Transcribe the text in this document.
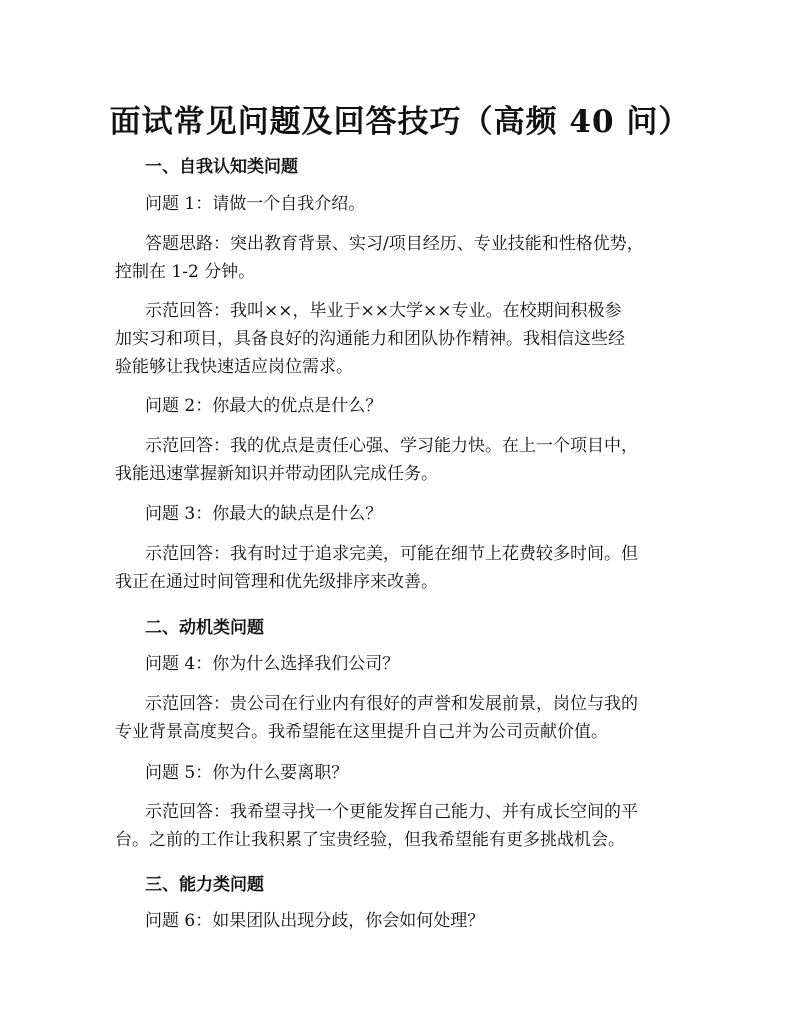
面试常见问题及回答技巧（高频 40 问）
一、自我认知类问题

问题 1：请做一个自我介绍。

答题思路：突出教育背景、实习/项目经历、专业技能和性格优势，
控制在 1-2 分钟。

示范回答：我叫××，毕业于××大学××专业。在校期间积极参
加实习和项目，具备良好的沟通能力和团队协作精神。我相信这些经
验能够让我快速适应岗位需求。

问题 2：你最大的优点是什么？

示范回答：我的优点是责任心强、学习能力快。在上一个项目中，
我能迅速掌握新知识并带动团队完成任务。

问题 3：你最大的缺点是什么？

示范回答：我有时过于追求完美，可能在细节上花费较多时间。但
我正在通过时间管理和优先级排序来改善。

二、动机类问题

问题 4：你为什么选择我们公司？

示范回答：贵公司在行业内有很好的声誉和发展前景，岗位与我的
专业背景高度契合。我希望能在这里提升自己并为公司贡献价值。

问题 5：你为什么要离职？

示范回答：我希望寻找一个更能发挥自己能力、并有成长空间的平
台。之前的工作让我积累了宝贵经验，但我希望能有更多挑战机会。

三、能力类问题

问题 6：如果团队出现分歧，你会如何处理？
